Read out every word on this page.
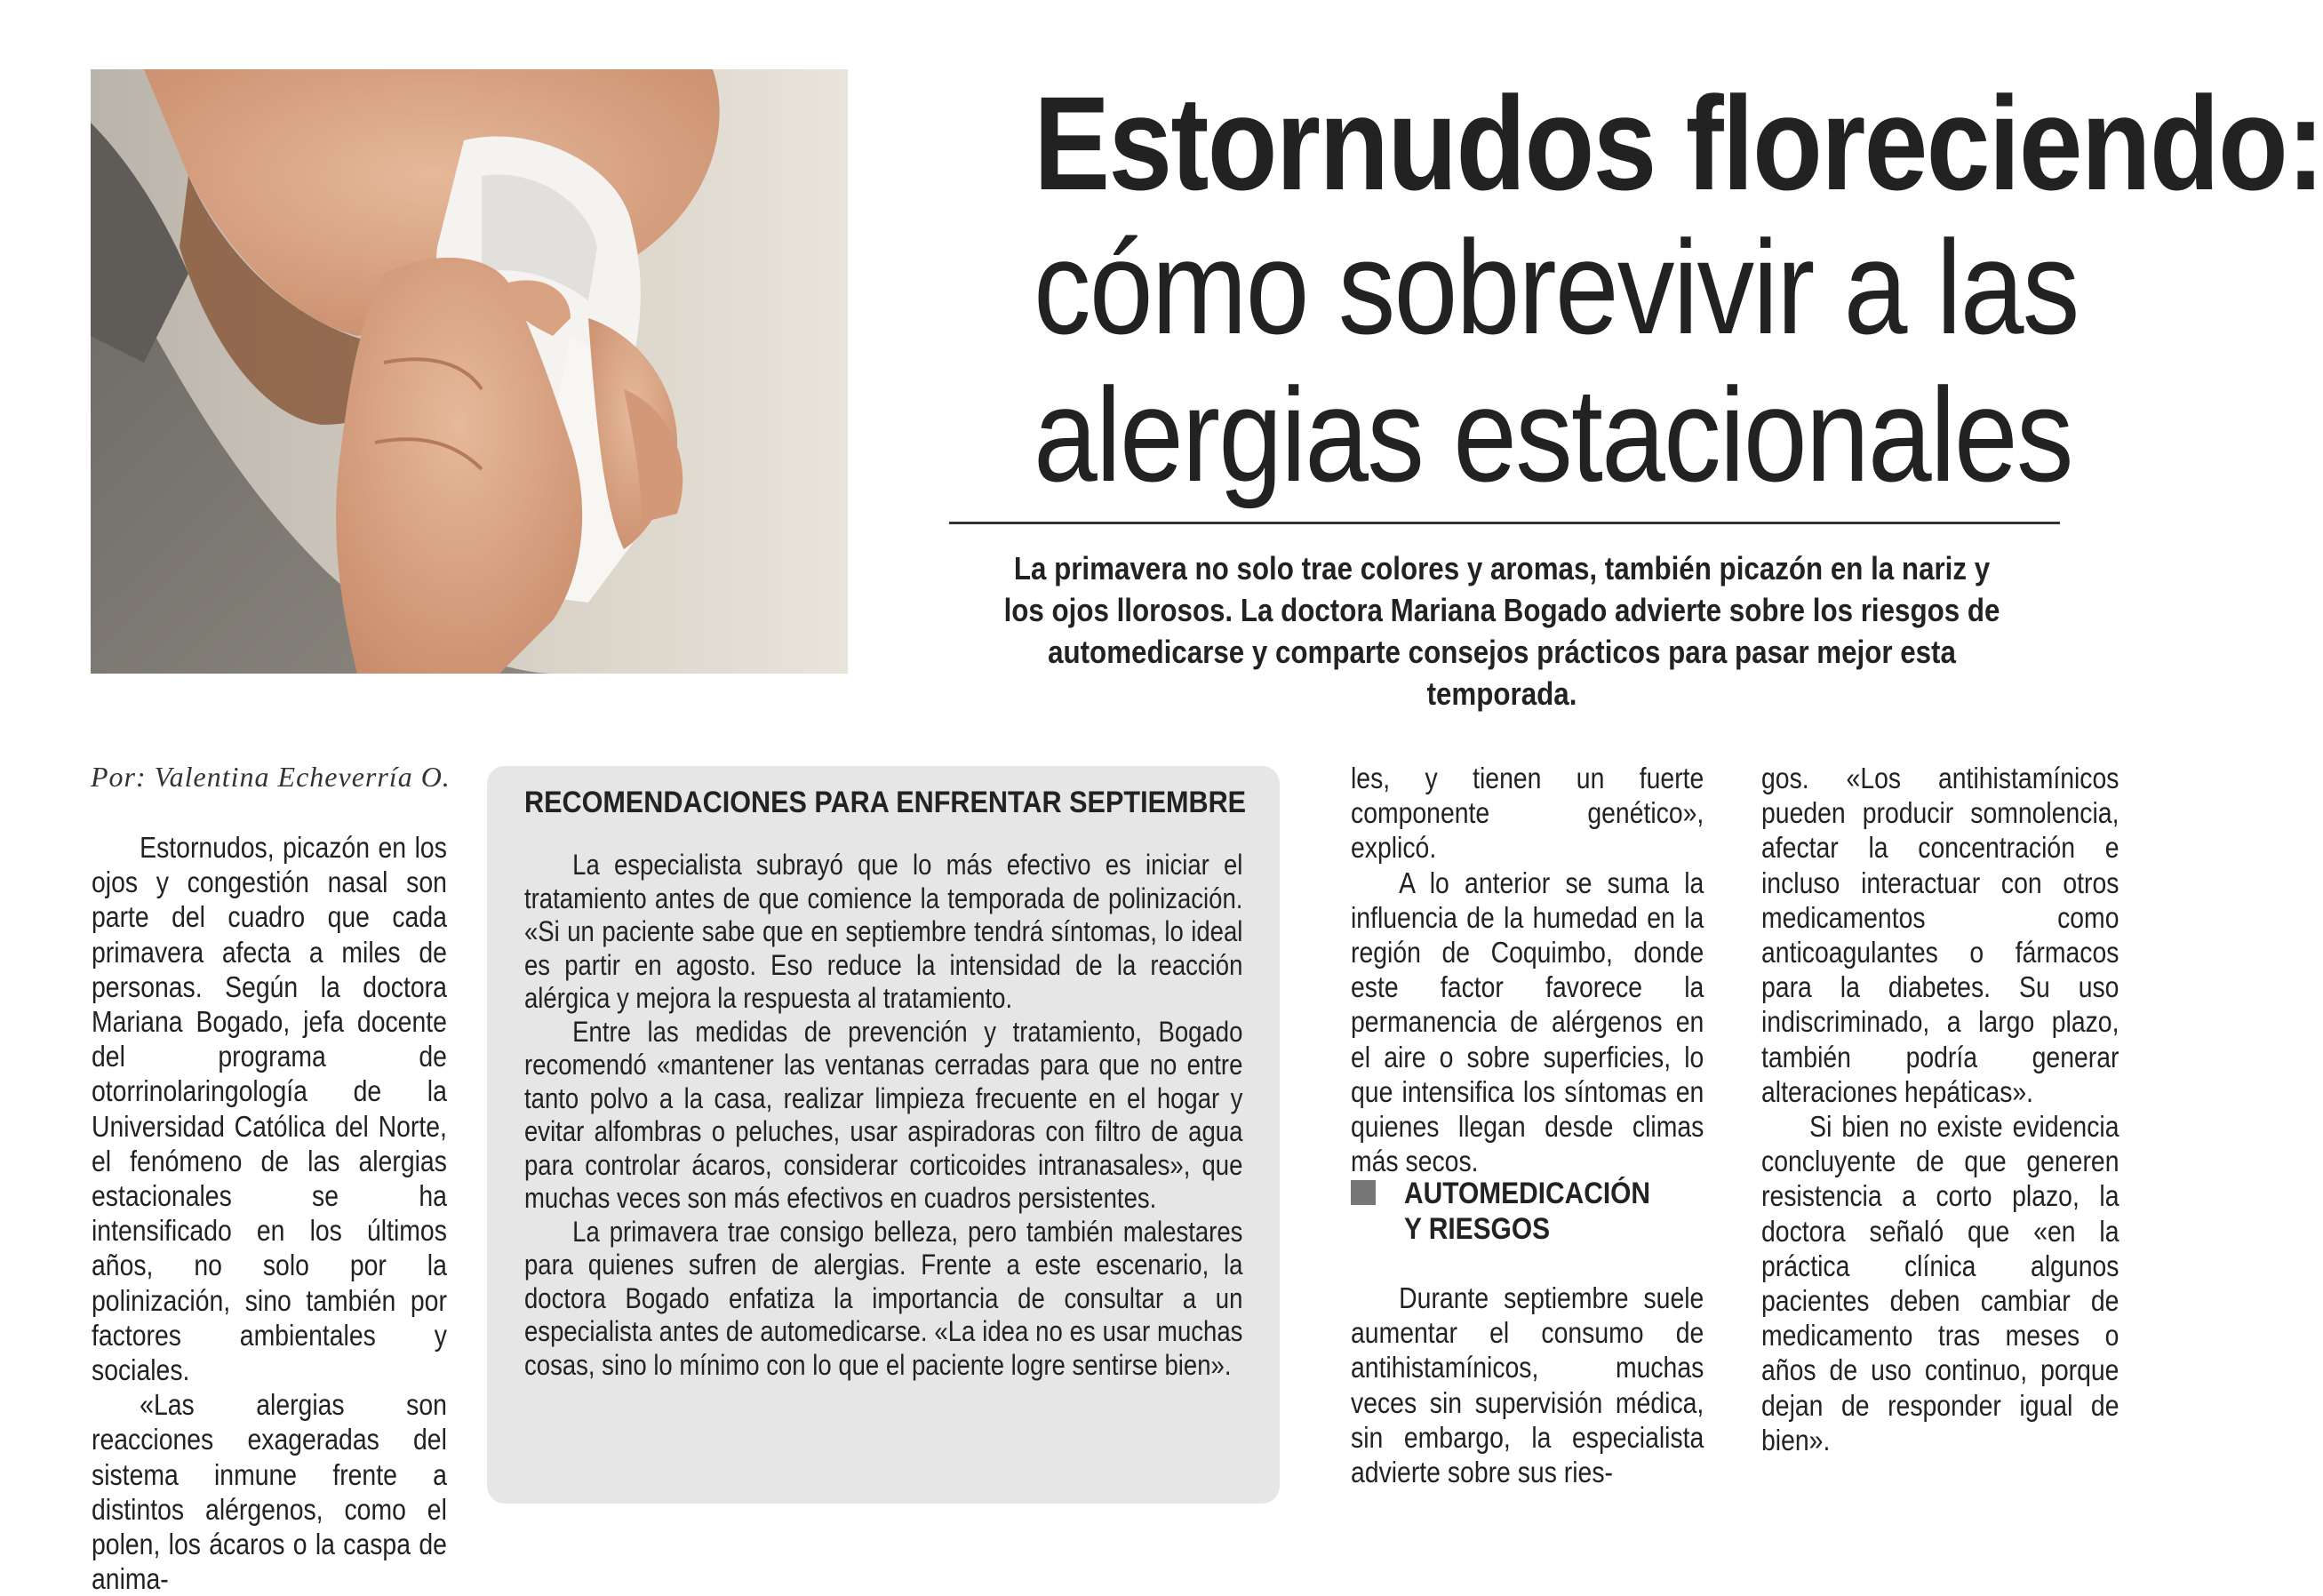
Estornudos floreciendo:
cómo sobrevivir a las
alergias estacionales
La primavera no solo trae colores y aromas, también picazón en la nariz y los ojos llorosos. La doctora Mariana Bogado advierte sobre los riesgos de automedicarse y comparte consejos prácticos para pasar mejor esta temporada.
Por: Valentina Echeverría O.

Estornudos, picazón en los ojos y congestión nasal son parte del cuadro que cada primavera afecta a miles de personas. Según la doctora Mariana Bogado, jefa docente del programa de otorrinolaringología de la Universidad Católica del Norte, el fenómeno de las alergias estacionales se ha intensificado en los últimos años, no solo por la polinización, sino también por factores ambientales y sociales.

«Las alergias son reacciones exageradas del sistema inmune frente a distintos alérgenos, como el polen, los ácaros o la caspa de anima-

RECOMENDACIONES PARA ENFRENTAR SEPTIEMBRE

La especialista subrayó que lo más efectivo es iniciar el tratamiento antes de que comience la temporada de polinización. «Si un paciente sabe que en septiembre tendrá síntomas, lo ideal es partir en agosto. Eso reduce la intensidad de la reacción alérgica y mejora la respuesta al tratamiento.

Entre las medidas de prevención y tratamiento, Bogado recomendó «mantener las ventanas cerradas para que no entre tanto polvo a la casa, realizar limpieza frecuente en el hogar y evitar alfombras o peluches, usar aspiradoras con filtro de agua para controlar ácaros, considerar corticoides intranasales», que muchas veces son más efectivos en cuadros persistentes.

La primavera trae consigo belleza, pero también malestares para quienes sufren de alergias. Frente a este escenario, la doctora Bogado enfatiza la importancia de consultar a un especialista antes de automedicarse. «La idea no es usar muchas cosas, sino lo mínimo con lo que el paciente logre sentirse bien».

les, y tienen un fuerte componente genético», explicó.

A lo anterior se suma la influencia de la humedad en la región de Coquimbo, donde este factor favorece la permanencia de alérgenos en el aire o sobre superficies, lo que intensifica los síntomas en quienes llegan desde climas más secos.

AUTOMEDICACIÓN
Y RIESGOS

Durante septiembre suele aumentar el consumo de antihistamínicos, muchas veces sin supervisión médica, sin embargo, la especialista advierte sobre sus ries-

gos. «Los antihistamínicos pueden producir somnolencia, afectar la concentración e incluso interactuar con otros medicamentos como anticoagulantes o fármacos para la diabetes. Su uso indiscriminado, a largo plazo, también podría generar alteraciones hepáticas».

Si bien no existe evidencia concluyente de que generen resistencia a corto plazo, la doctora señaló que «en la práctica clínica algunos pacientes deben cambiar de medicamento tras meses o años de uso continuo, porque dejan de responder igual de bien».
